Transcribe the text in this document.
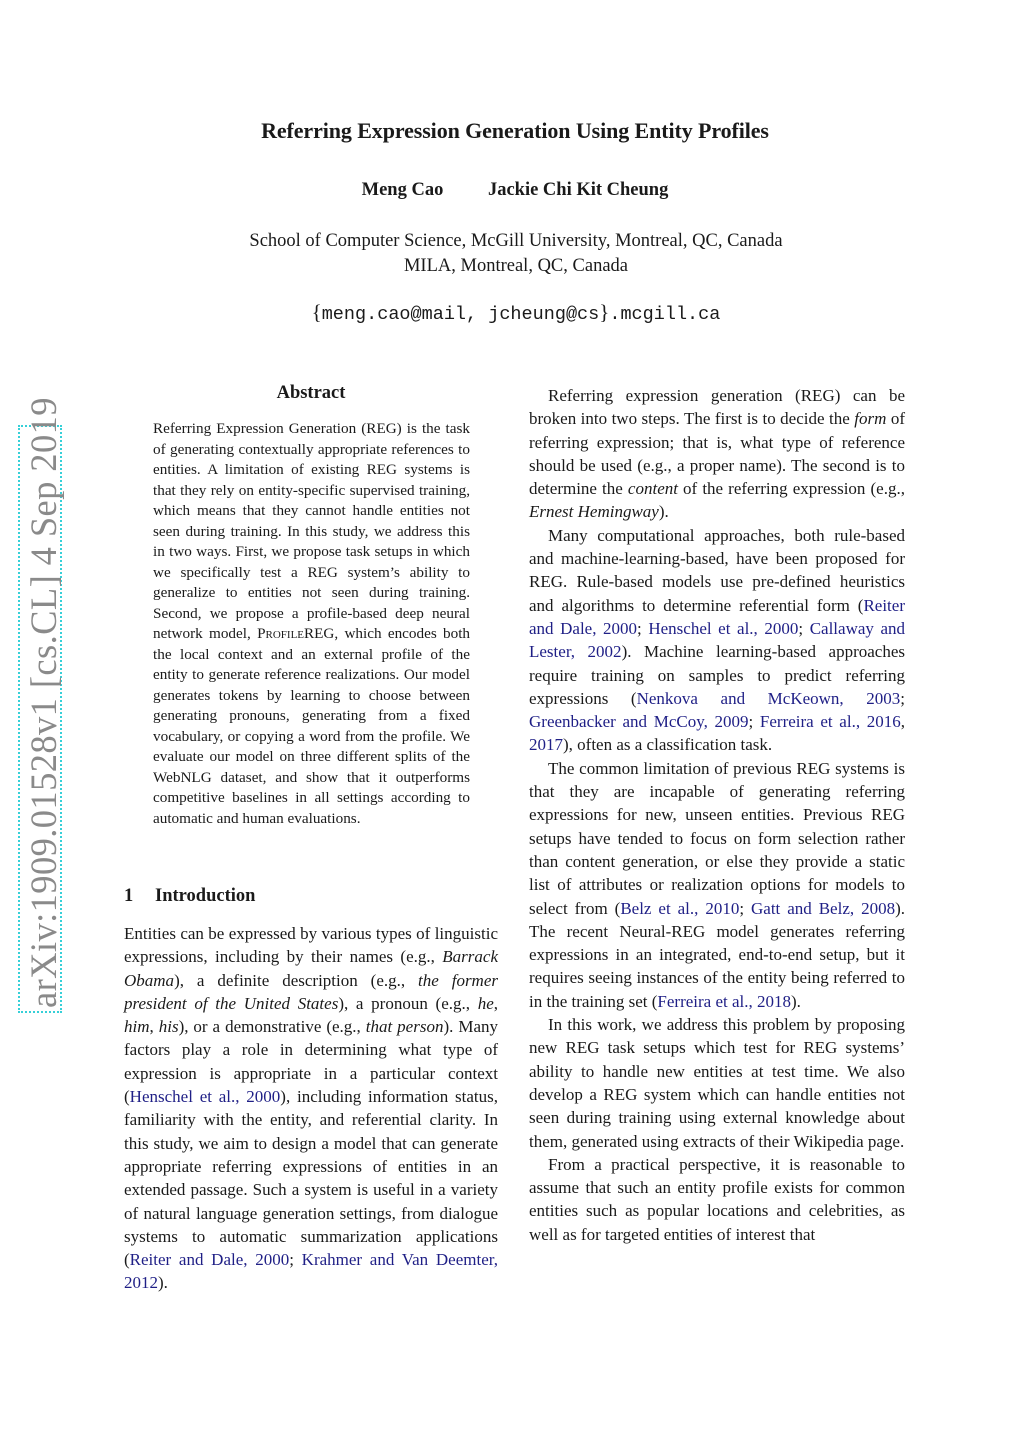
Referring Expression Generation Using Entity Profiles
Meng Cao Jackie Chi Kit Cheung
School of Computer Science, McGill University, Montreal, QC, Canada
MILA, Montreal, QC, Canada
{meng.cao@mail, jcheung@cs}.mcgill.ca
arXiv:1909.01528v1 [cs.CL] 4 Sep 2019
Abstract
Referring Expression Generation (REG) is the task of generating contextually appropriate references to entities. A limitation of existing REG systems is that they rely on entity-specific supervised training, which means that they cannot handle entities not seen during training. In this study, we address this in two ways. First, we propose task setups in which we specifically test a REG system’s ability to generalize to entities not seen during training. Second, we propose a profile-based deep neural network model, ProfileREG, which encodes both the local context and an external profile of the entity to generate reference realizations. Our model generates tokens by learning to choose between generating pronouns, generating from a fixed vocabulary, or copying a word from the profile. We evaluate our model on three different splits of the WebNLG dataset, and show that it outperforms competitive baselines in all settings according to automatic and human evaluations.
1 Introduction

Entities can be expressed by various types of linguistic expressions, including by their names (e.g., Barrack Obama), a definite description (e.g., the former president of the United States), a pronoun (e.g., he, him, his), or a demonstrative (e.g., that person). Many factors play a role in determining what type of expression is appropriate in a particular context (Henschel et al., 2000), including information status, familiarity with the entity, and referential clarity. In this study, we aim to design a model that can generate appropriate referring expressions of entities in an extended passage. Such a system is useful in a variety of natural language generation settings, from dialogue systems to automatic summarization applications (Reiter and Dale, 2000; Krahmer and Van Deemter, 2012).

Referring expression generation (REG) can be broken into two steps. The first is to decide the form of referring expression; that is, what type of reference should be used (e.g., a proper name). The second is to determine the content of the referring expression (e.g., Ernest Hemingway).

Many computational approaches, both rule-based and machine-learning-based, have been proposed for REG. Rule-based models use pre-defined heuristics and algorithms to determine referential form (Reiter and Dale, 2000; Henschel et al., 2000; Callaway and Lester, 2002). Machine learning-based approaches require training on samples to predict referring expressions (Nenkova and McKeown, 2003; Greenbacker and McCoy, 2009; Ferreira et al., 2016, 2017), often as a classification task.

The common limitation of previous REG systems is that they are incapable of generating referring expressions for new, unseen entities. Previous REG setups have tended to focus on form selection rather than content generation, or else they provide a static list of attributes or realization options for models to select from (Belz et al., 2010; Gatt and Belz, 2008). The recent Neural-REG model generates referring expressions in an integrated, end-to-end setup, but it requires seeing instances of the entity being referred to in the training set (Ferreira et al., 2018).

In this work, we address this problem by proposing new REG task setups which test for REG systems’ ability to handle new entities at test time. We also develop a REG system which can handle entities not seen during training using external knowledge about them, generated using extracts of their Wikipedia page.

From a practical perspective, it is reasonable to assume that such an entity profile exists for common entities such as popular locations and celebrities, as well as for targeted entities of interest that
